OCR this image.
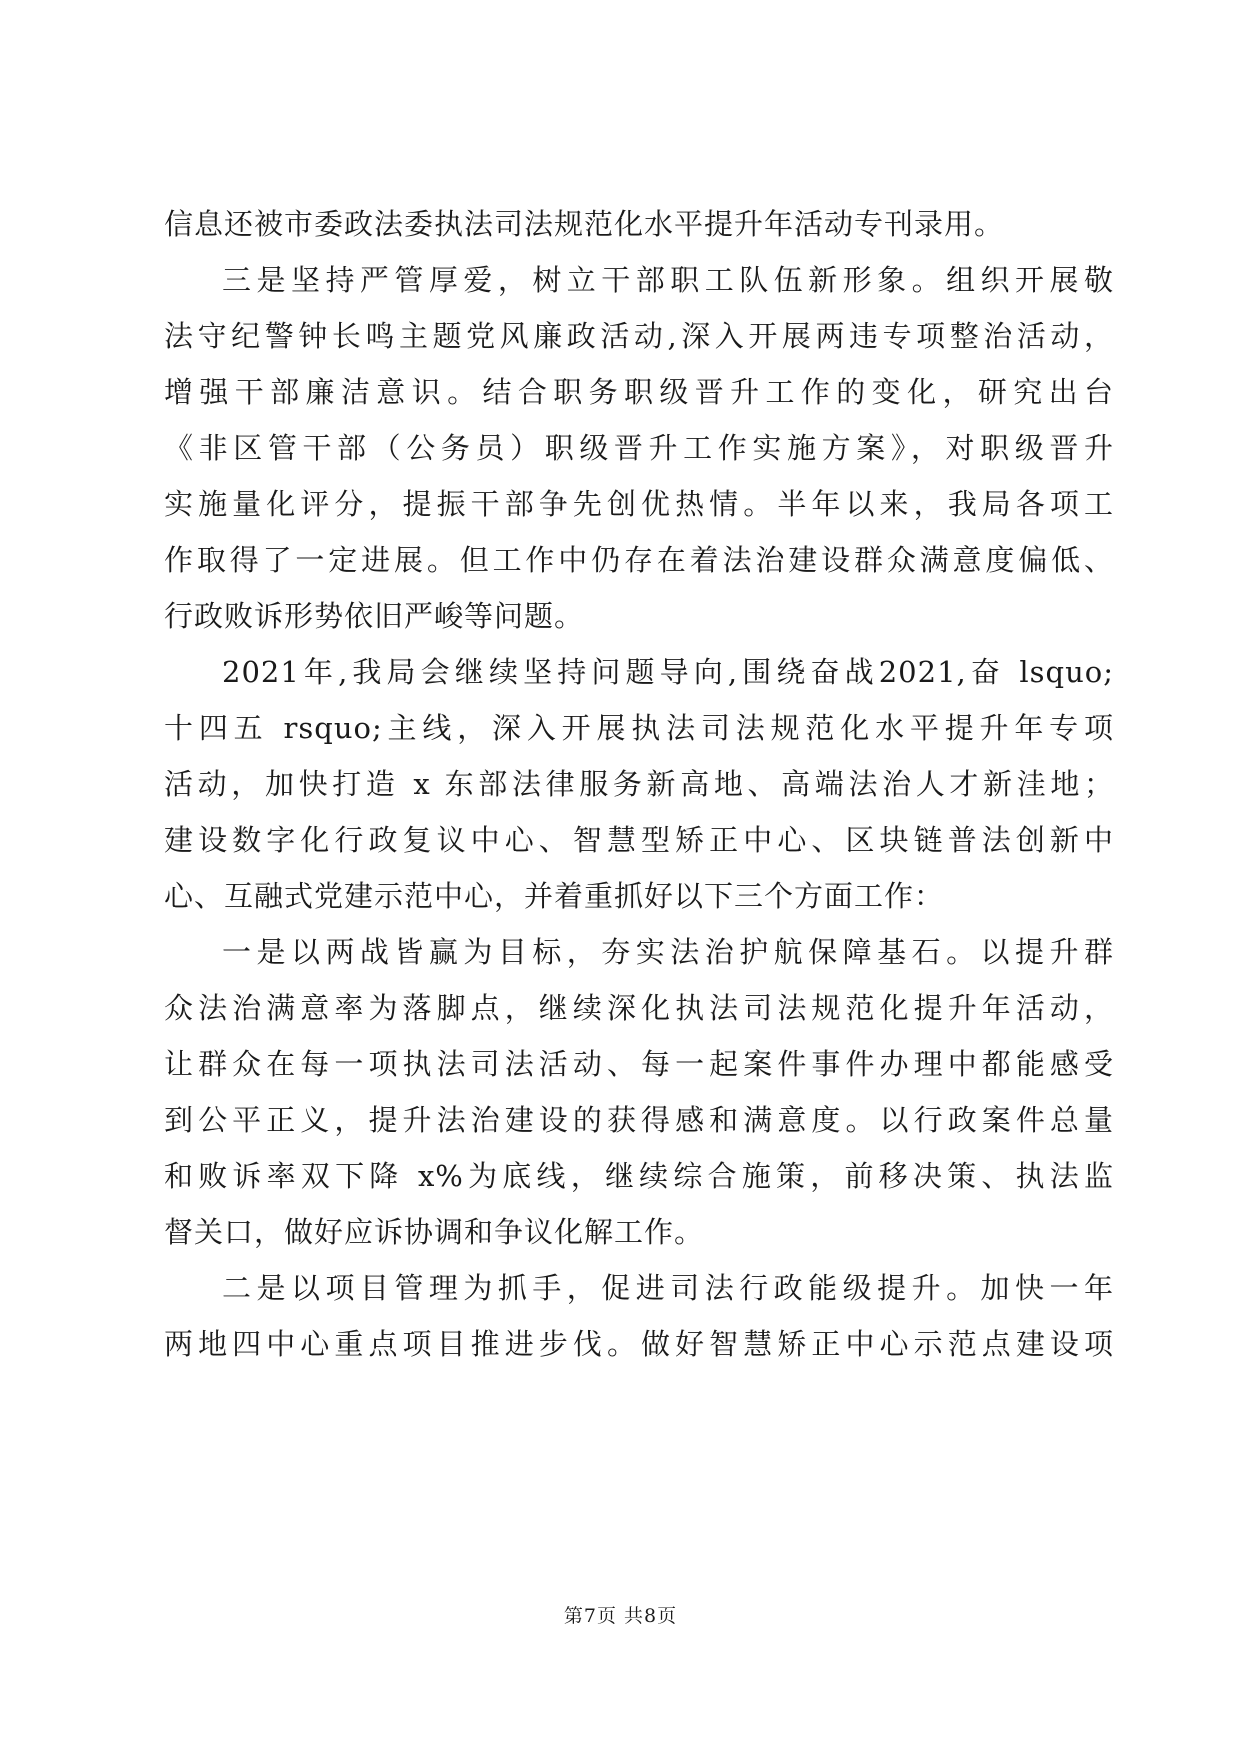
信息还被市委政法委执法司法规范化水平提升年活动专刊录用。
三是坚持严管厚爱，树立干部职工队伍新形象。组织开展敬
法守纪警钟长鸣主题党风廉政活动,深入开展两违专项整治活动，
增强干部廉洁意识。结合职务职级晋升工作的变化，研究出台
《非区管干部（公务员）职级晋升工作实施方案》，对职级晋升
实施量化评分，提振干部争先创优热情。半年以来，我局各项工
作取得了一定进展。但工作中仍存在着法治建设群众满意度偏低、
行政败诉形势依旧严峻等问题。
2021年,我局会继续坚持问题导向,围绕奋战2021,奋 lsquo;
十四五 rsquo;主线，深入开展执法司法规范化水平提升年专项
活动，加快打造 x 东部法律服务新高地、高端法治人才新洼地；
建设数字化行政复议中心、智慧型矫正中心、区块链普法创新中
心、互融式党建示范中心，并着重抓好以下三个方面工作：
一是以两战皆赢为目标，夯实法治护航保障基石。以提升群
众法治满意率为落脚点，继续深化执法司法规范化提升年活动，
让群众在每一项执法司法活动、每一起案件事件办理中都能感受
到公平正义，提升法治建设的获得感和满意度。以行政案件总量
和败诉率双下降 x%为底线，继续综合施策，前移决策、执法监
督关口，做好应诉协调和争议化解工作。
二是以项目管理为抓手，促进司法行政能级提升。加快一年
两地四中心重点项目推进步伐。做好智慧矫正中心示范点建设项
第7页 共8页
